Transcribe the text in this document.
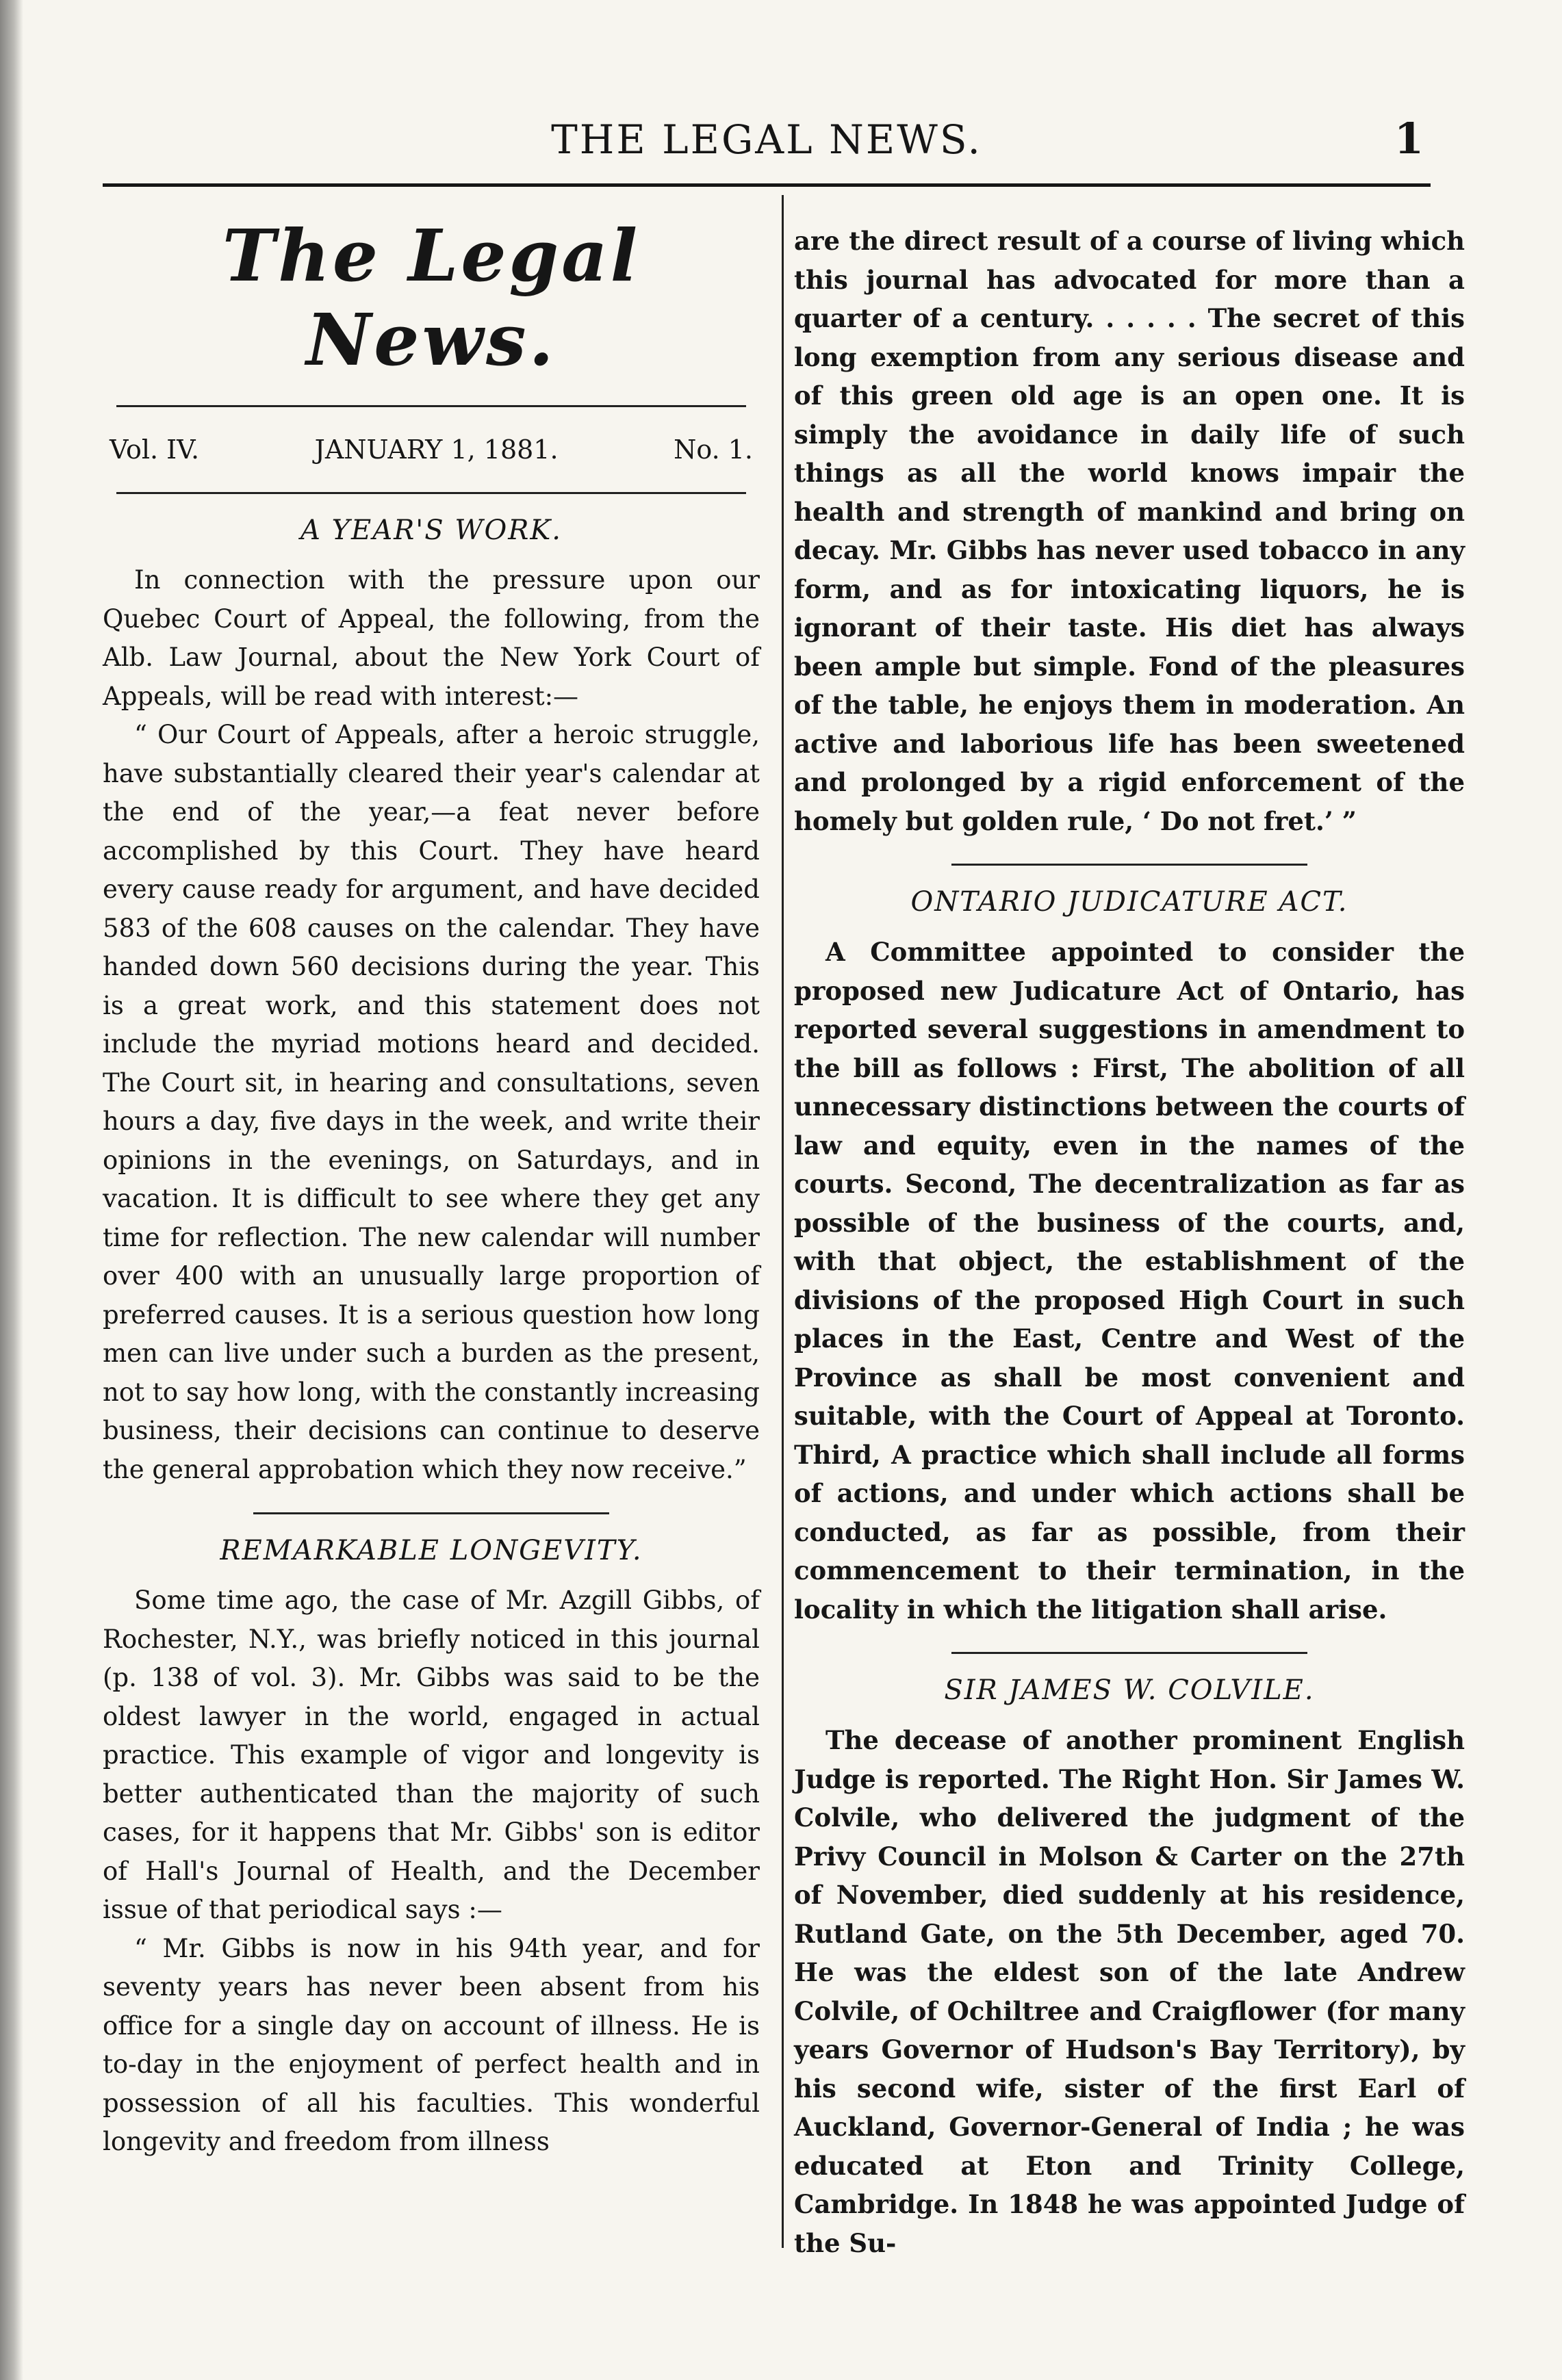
THE LEGAL NEWS.	1
The Legal News.
Vol. IV.	JANUARY 1, 1881.	No. 1.
A YEAR'S WORK.

In connection with the pressure upon our Quebec Court of Appeal, the following, from the Alb. Law Journal, about the New York Court of Appeals, will be read with interest:—

“ Our Court of Appeals, after a heroic struggle, have substantially cleared their year's calendar at the end of the year,—a feat never before accomplished by this Court. They have heard every cause ready for argument, and have decided 583 of the 608 causes on the calendar. They have handed down 560 decisions during the year. This is a great work, and this statement does not include the myriad motions heard and decided. The Court sit, in hearing and consultations, seven hours a day, five days in the week, and write their opinions in the evenings, on Saturdays, and in vacation. It is difficult to see where they get any time for reflection. The new calendar will number over 400 with an unusually large proportion of preferred causes. It is a serious question how long men can live under such a burden as the present, not to say how long, with the constantly increasing business, their decisions can continue to deserve the general approbation which they now receive.”

REMARKABLE LONGEVITY.

Some time ago, the case of Mr. Azgill Gibbs, of Rochester, N.Y., was briefly noticed in this journal (p. 138 of vol. 3). Mr. Gibbs was said to be the oldest lawyer in the world, engaged in actual practice. This example of vigor and longevity is better authenticated than the majority of such cases, for it happens that Mr. Gibbs' son is editor of Hall's Journal of Health, and the December issue of that periodical says :—

“ Mr. Gibbs is now in his 94th year, and for seventy years has never been absent from his office for a single day on account of illness. He is to-day in the enjoyment of perfect health and in possession of all his faculties. This wonderful longevity and freedom from illness

are the direct result of a course of living which this journal has advocated for more than a quarter of a century. . . . . . The secret of this long exemption from any serious disease and of this green old age is an open one. It is simply the avoidance in daily life of such things as all the world knows impair the health and strength of mankind and bring on decay. Mr. Gibbs has never used tobacco in any form, and as for intoxicating liquors, he is ignorant of their taste. His diet has always been ample but simple. Fond of the pleasures of the table, he enjoys them in moderation. An active and laborious life has been sweetened and prolonged by a rigid enforcement of the homely but golden rule, ‘ Do not fret.’ ”

ONTARIO JUDICATURE ACT.

A Committee appointed to consider the proposed new Judicature Act of Ontario, has reported several suggestions in amendment to the bill as follows : First, The abolition of all unnecessary distinctions between the courts of law and equity, even in the names of the courts. Second, The decentralization as far as possible of the business of the courts, and, with that object, the establishment of the divisions of the proposed High Court in such places in the East, Centre and West of the Province as shall be most convenient and suitable, with the Court of Appeal at Toronto. Third, A practice which shall include all forms of actions, and under which actions shall be conducted, as far as possible, from their commencement to their termination, in the locality in which the litigation shall arise.

SIR JAMES W. COLVILE.

The decease of another prominent English Judge is reported. The Right Hon. Sir James W. Colvile, who delivered the judgment of the Privy Council in Molson & Carter on the 27th of November, died suddenly at his residence, Rutland Gate, on the 5th December, aged 70. He was the eldest son of the late Andrew Colvile, of Ochiltree and Craigflower (for many years Governor of Hudson's Bay Territory), by his second wife, sister of the first Earl of Auckland, Governor-General of India ; he was educated at Eton and Trinity College, Cambridge. In 1848 he was appointed Judge of the Su-
